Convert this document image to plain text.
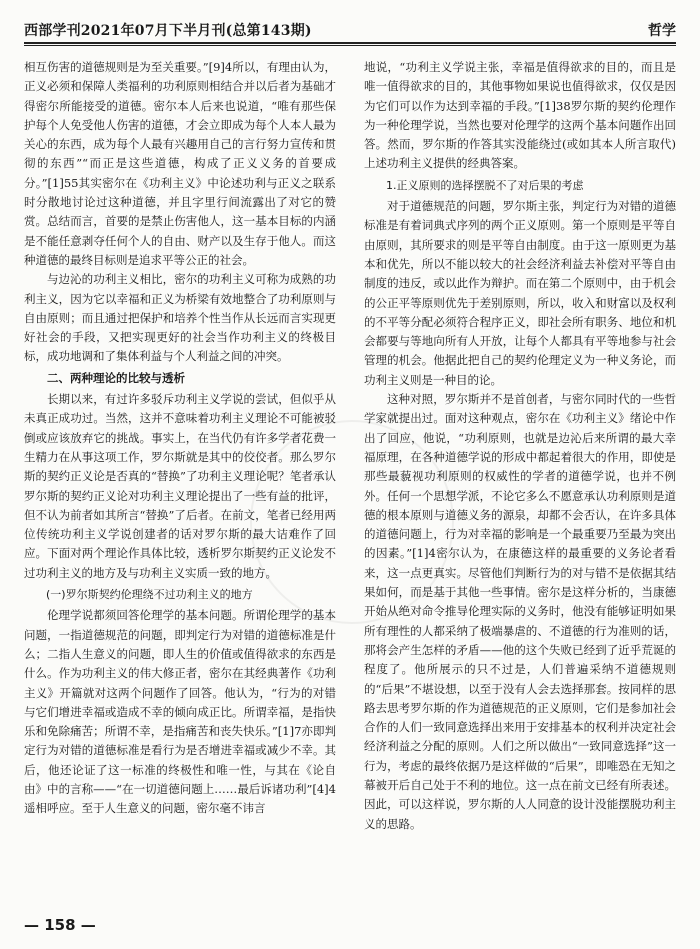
西部学刊2021年07月下半月刊(总第143期)	哲学

相互伤害的道德规则是为至关重要。”[9]4所以，有理由认为，正义必须和保障人类福利的功利原则相结合并以后者为基础才得密尔所能接受的道德。密尔本人后来也说道，“唯有那些保护每个人免受他人伤害的道德，才会立即成为每个人本人最为关心的东西，成为每个人最有兴趣用自己的言行努力宣传和贯彻的东西”“而正是这些道德，构成了正义义务的首要成分。”[1]55其实密尔在《功利主义》中论述功利与正义之联系时分散地讨论过这种道德，并且字里行间流露出了对它的赞赏。总结而言，首要的是禁止伤害他人，这一基本目标的内涵是不能任意剥夺任何个人的自由、财产以及生存于他人。而这种道德的最终目标则是追求平等公正的社会。

与边沁的功利主义相比，密尔的功利主义可称为成熟的功利主义，因为它以幸福和正义为桥梁有效地整合了功利原则与自由原则；而且通过把保护和培养个性当作从长远而言实现更好社会的手段，又把实现更好的社会当作功利主义的终极目标，成功地调和了集体利益与个人利益之间的冲突。

二、两种理论的比较与透析

长期以来，有过许多驳斥功利主义学说的尝试，但似乎从未真正成功过。当然，这并不意味着功利主义理论不可能被驳倒或应该放弃它的挑战。事实上，在当代仍有许多学者花费一生精力在从事这项工作，罗尔斯就是其中的佼佼者。那么罗尔斯的契约正义论是否真的“替换”了功利主义理论呢？笔者承认罗尔斯的契约正义论对功利主义理论提出了一些有益的批评，但不认为前者如其所言“替换”了后者。在前文，笔者已经用两位传统功利主义学说创建者的话对罗尔斯的最大诘难作了回应。下面对两个理论作具体比较，透析罗尔斯契约正义论发不过功利主义的地方及与功利主义实质一致的地方。

(一)罗尔斯契约伦理绕不过功利主义的地方

伦理学说都须回答伦理学的基本问题。所谓伦理学的基本问题，一指道德规范的问题，即判定行为对错的道德标准是什么；二指人生意义的问题，即人生的价值或值得欲求的东西是什么。作为功利主义的伟大修正者，密尔在其经典著作《功利主义》开篇就对这两个问题作了回答。他认为，“行为的对错与它们增进幸福或造成不幸的倾向成正比。所谓幸福，是指快乐和免除痛苦；所谓不幸，是指痛苦和丧失快乐。”[1]7亦即判定行为对错的道德标准是看行为是否增进幸福或减少不幸。其后，他还论证了这一标准的终极性和唯一性，与其在《论自由》中的言称——“在一切道德问题上……最后诉诸功利”[4]4遥相呼应。至于人生意义的问题，密尔毫不讳言

地说，“功利主义学说主张，幸福是值得欲求的目的，而且是唯一值得欲求的目的，其他事物如果说也值得欲求，仅仅是因为它们可以作为达到幸福的手段。”[1]38罗尔斯的契约伦理作为一种伦理学说，当然也要对伦理学的这两个基本问题作出回答。然而，罗尔斯的作答其实没能绕过(或如其本人所言取代)上述功利主义提供的经典答案。

1.正义原则的选择摆脱不了对后果的考虑

对于道德规范的问题，罗尔斯主张，判定行为对错的道德标准是有着词典式序列的两个正义原则。第一个原则是平等自由原则，其所要求的则是平等自由制度。由于这一原则更为基本和优先，所以不能以较大的社会经济利益去补偿对平等自由制度的违反，或以此作为辩护。而在第二个原则中，由于机会的公正平等原则优先于差别原则，所以，收入和财富以及权利的不平等分配必须符合程序正义，即社会所有职务、地位和机会都要与等地向所有人开放，让每个人都具有平等地参与社会管理的机会。他据此把自己的契约伦理定义为一种义务论，而功利主义则是一种目的论。

这种对照，罗尔斯并不是首创者，与密尔同时代的一些哲学家就提出过。面对这种观点，密尔在《功利主义》绪论中作出了回应，他说，“功利原则，也就是边沁后来所谓的最大幸福原理，在各种道德学说的形成中都起着很大的作用，即使是那些最藐视功利原则的权威性的学者的道德学说，也并不例外。任何一个思想学派，不论它多么不愿意承认功利原则是道德的根本原则与道德义务的源泉，却都不会否认，在许多具体的道德问题上，行为对幸福的影响是一个最重要乃至最为突出的因素。”[1]4密尔认为，在康德这样的最重要的义务论者看来，这一点更真实。尽管他们判断行为的对与错不是依据其结果如何，而是基于其他一些事情。密尔是这样分析的，当康德开始从绝对命令推导伦理实际的义务时，他没有能够证明如果所有理性的人都采纳了极端暴虐的、不道德的行为准则的话，那将会产生怎样的矛盾——他的这个失败已经到了近乎荒诞的程度了。他所展示的只不过是，人们普遍采纳不道德规则的“后果”不堪设想，以至于没有人会去选择那套。按同样的思路去思考罗尔斯的作为道德规范的正义原则，它们是参加社会合作的人们一致同意选择出来用于安排基本的权利并决定社会经济利益之分配的原则。人们之所以做出“一致同意选择”这一行为，考虑的最终依据乃是这样做的“后果”，即唯恐在无知之幕被开后自己处于不利的地位。这一点在前文已经有所表述。因此，可以这样说，罗尔斯的人人同意的设计没能摆脱功利主义的思路。

— 158 —
